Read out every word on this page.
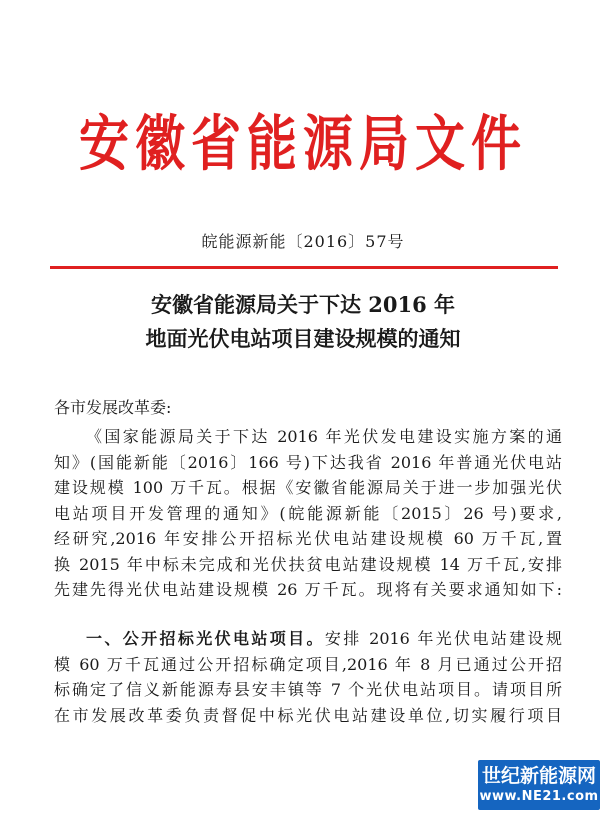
安徽省能源局文件
皖能源新能〔2016〕57号
安徽省能源局关于下达 2016 年
地面光伏电站项目建设规模的通知
各市发展改革委:
《国家能源局关于下达 2016 年光伏发电建设实施方案的通
知》(国能新能〔2016〕166 号)下达我省 2016 年普通光伏电站
建设规模 100 万千瓦。根据《安徽省能源局关于进一步加强光伏
电站项目开发管理的通知》(皖能源新能〔2015〕26 号)要求,
经研究,2016 年安排公开招标光伏电站建设规模 60 万千瓦,置
换 2015 年中标未完成和光伏扶贫电站建设规模 14 万千瓦,安排
先建先得光伏电站建设规模 26 万千瓦。现将有关要求通知如下:
一、公开招标光伏电站项目。安排 2016 年光伏电站建设规
模 60 万千瓦通过公开招标确定项目,2016 年 8 月已通过公开招
标确定了信义新能源寿县安丰镇等 7 个光伏电站项目。请项目所
在市发展改革委负责督促中标光伏电站建设单位,切实履行项目
世纪新能源网
www.NE21.com
